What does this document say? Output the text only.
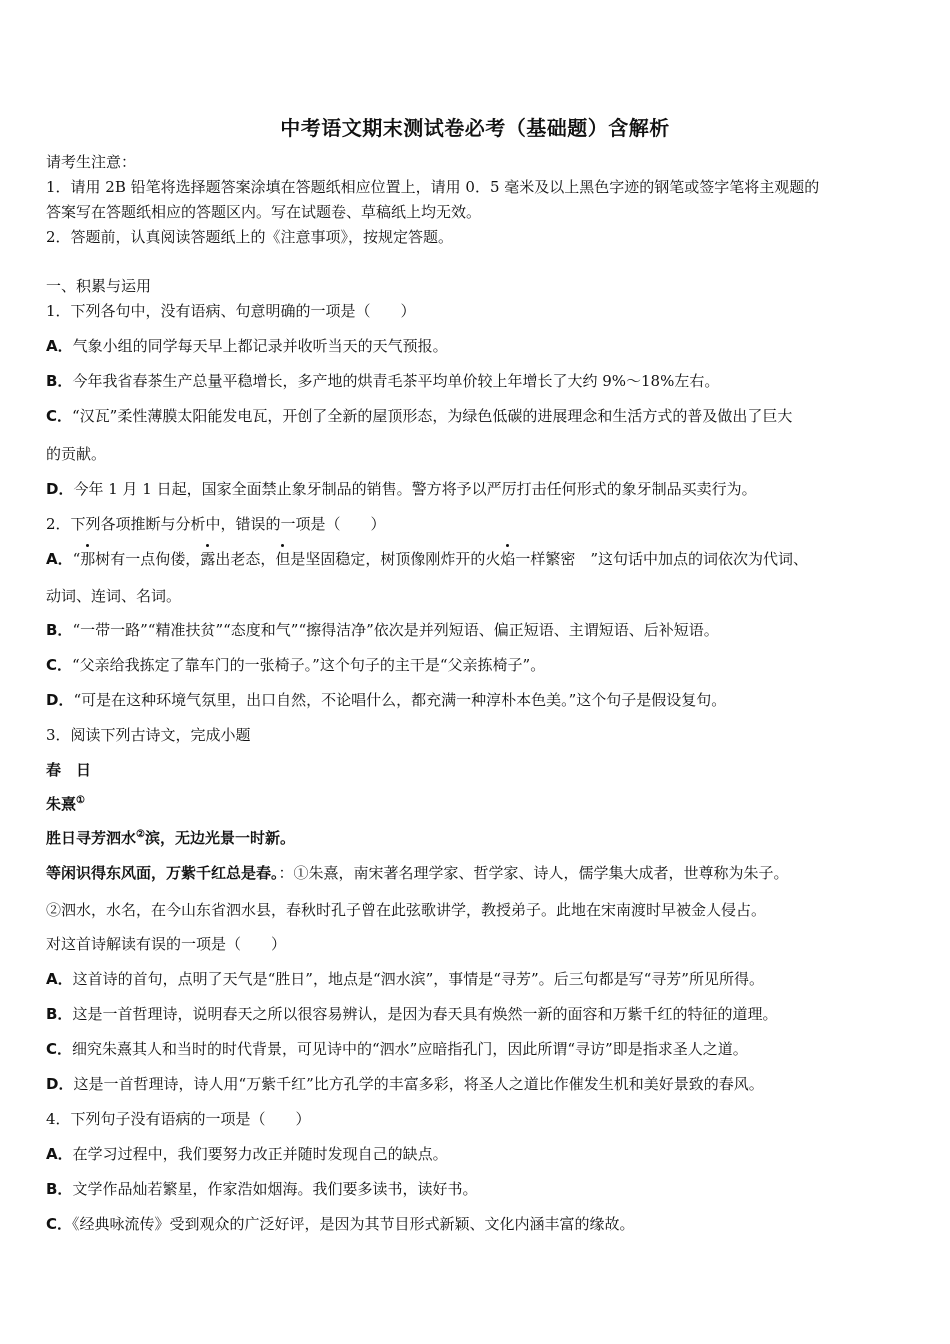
中考语文期末测试卷必考（基础题）含解析
请考生注意：
1．请用 2B 铅笔将选择题答案涂填在答题纸相应位置上，请用 0．5 毫米及以上黑色字迹的钢笔或签字笔将主观题的
答案写在答题纸相应的答题区内。写在试题卷、草稿纸上均无效。
2．答题前，认真阅读答题纸上的《注意事项》，按规定答题。
一、积累与运用
1．下列各句中，没有语病、句意明确的一项是（　　）
A．气象小组的同学每天早上都记录并收听当天的天气预报。
B．今年我省春茶生产总量平稳增长，多产地的烘青毛茶平均单价较上年增长了大约 9%～18%左右。
C．“汉瓦”柔性薄膜太阳能发电瓦，开创了全新的屋顶形态，为绿色低碳的进展理念和生活方式的普及做出了巨大
的贡献。
D．今年 1 月 1 日起，国家全面禁止象牙制品的销售。警方将予以严厉打击任何形式的象牙制品买卖行为。
2．下列各项推断与分析中，错误的一项是（　　）
A．“那树有一点佝偻，露出老态，但是坚固稳定，树顶像刚炸开的火焰一样繁密　”这句话中加点的词依次为代词、
动词、连词、名词。
B．“一带一路”“精准扶贫”“态度和气”“擦得洁净”依次是并列短语、偏正短语、主谓短语、后补短语。
C．“父亲给我拣定了靠车门的一张椅子。”这个句子的主干是“父亲拣椅子”。
D．“可是在这种环境气氛里，出口自然，不论唱什么，都充满一种淳朴本色美。”这个句子是假设复句。
3．阅读下列古诗文，完成小题
春　日
朱熹①
胜日寻芳泗水②滨，无边光景一时新。
等闲识得东风面，万紫千红总是春。：①朱熹，南宋著名理学家、哲学家、诗人，儒学集大成者，世尊称为朱子。
②泗水，水名，在今山东省泗水县，春秋时孔子曾在此弦歌讲学，教授弟子。此地在宋南渡时早被金人侵占。
对这首诗解读有误的一项是（　　）
A．这首诗的首句，点明了天气是“胜日”，地点是“泗水滨”，事情是“寻芳”。后三句都是写“寻芳”所见所得。
B．这是一首哲理诗，说明春天之所以很容易辨认，是因为春天具有焕然一新的面容和万紫千红的特征的道理。
C．细究朱熹其人和当时的时代背景，可见诗中的“泗水”应暗指孔门，因此所谓“寻访”即是指求圣人之道。
D．这是一首哲理诗，诗人用“万紫千红”比方孔学的丰富多彩，将圣人之道比作催发生机和美好景致的春风。
4．下列句子没有语病的一项是（　　）
A．在学习过程中，我们要努力改正并随时发现自己的缺点。
B．文学作品灿若繁星，作家浩如烟海。我们要多读书，读好书。
C．《经典咏流传》受到观众的广泛好评，是因为其节目形式新颖、文化内涵丰富的缘故。
